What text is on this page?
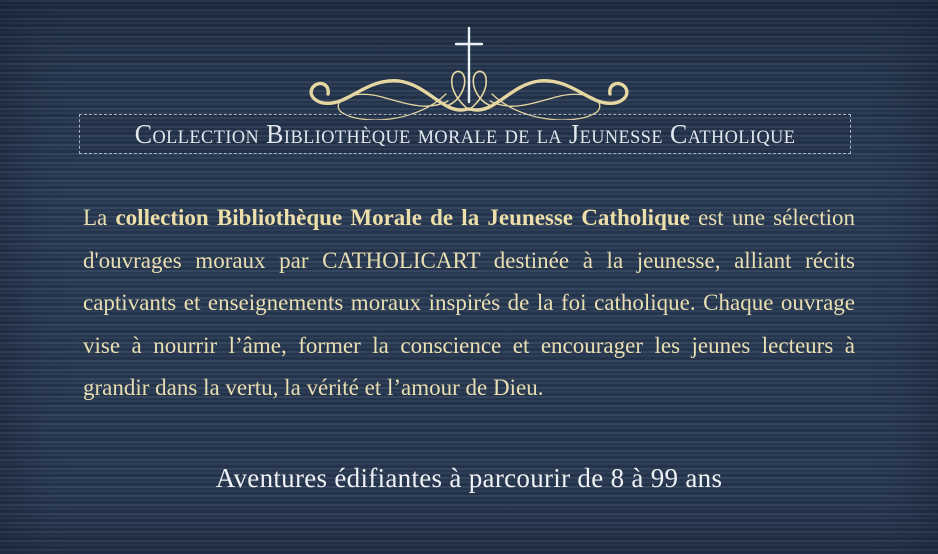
Collection Bibliothèque morale de la Jeunesse Catholique

La collection Bibliothèque Morale de la Jeunesse Catholique est une sélection d'ouvrages moraux par CATHOLICART destinée à la jeunesse, alliant récits captivants et enseignements moraux inspirés de la foi catholique. Chaque ouvrage vise à nourrir l’âme, former la conscience et encourager les jeunes lecteurs à grandir dans la vertu, la vérité et l’amour de Dieu.

Aventures édifiantes à parcourir de 8 à 99 ans
